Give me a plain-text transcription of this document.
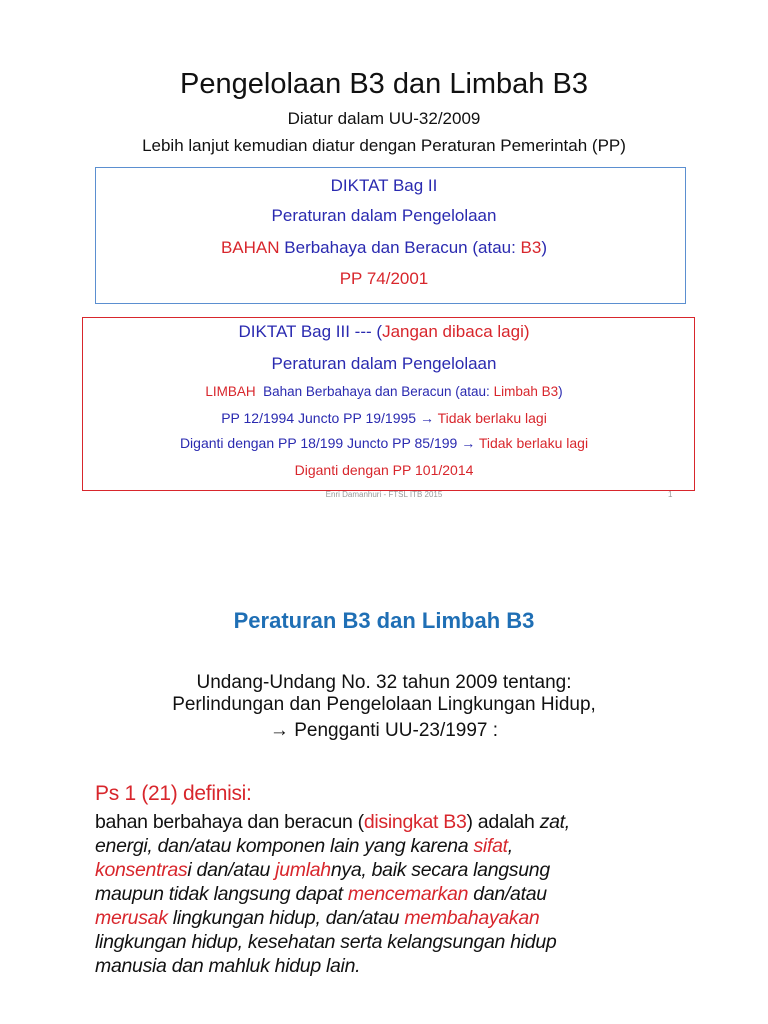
Pengelolaan B3 dan Limbah B3
Diatur dalam UU-32/2009
Lebih lanjut kemudian diatur dengan Peraturan Pemerintah (PP)
DIKTAT Bag II
Peraturan dalam Pengelolaan
BAHAN Berbahaya dan Beracun (atau: B3)
PP 74/2001
DIKTAT Bag III --- (Jangan dibaca lagi)
Peraturan dalam Pengelolaan
LIMBAH  Bahan Berbahaya dan Beracun (atau: Limbah B3)
PP 12/1994 Juncto PP 19/1995 → Tidak berlaku lagi
Diganti dengan PP 18/199 Juncto PP 85/199 → Tidak berlaku lagi
Diganti dengan PP 101/2014
Enri Damanhuri - FTSL ITB 2015	1
Peraturan B3 dan Limbah B3
Undang-Undang No. 32 tahun 2009 tentang:
Perlindungan dan Pengelolaan Lingkungan Hidup,
→ Pengganti UU-23/1997 :
Ps 1 (21) definisi:
bahan berbahaya dan beracun (disingkat B3) adalah zat,
energi, dan/atau komponen lain yang karena sifat,
konsentrasi dan/atau jumlahnya, baik secara langsung
maupun tidak langsung dapat mencemarkan dan/atau
merusak lingkungan hidup, dan/atau membahayakan
lingkungan hidup, kesehatan serta kelangsungan hidup
manusia dan mahluk hidup lain.
